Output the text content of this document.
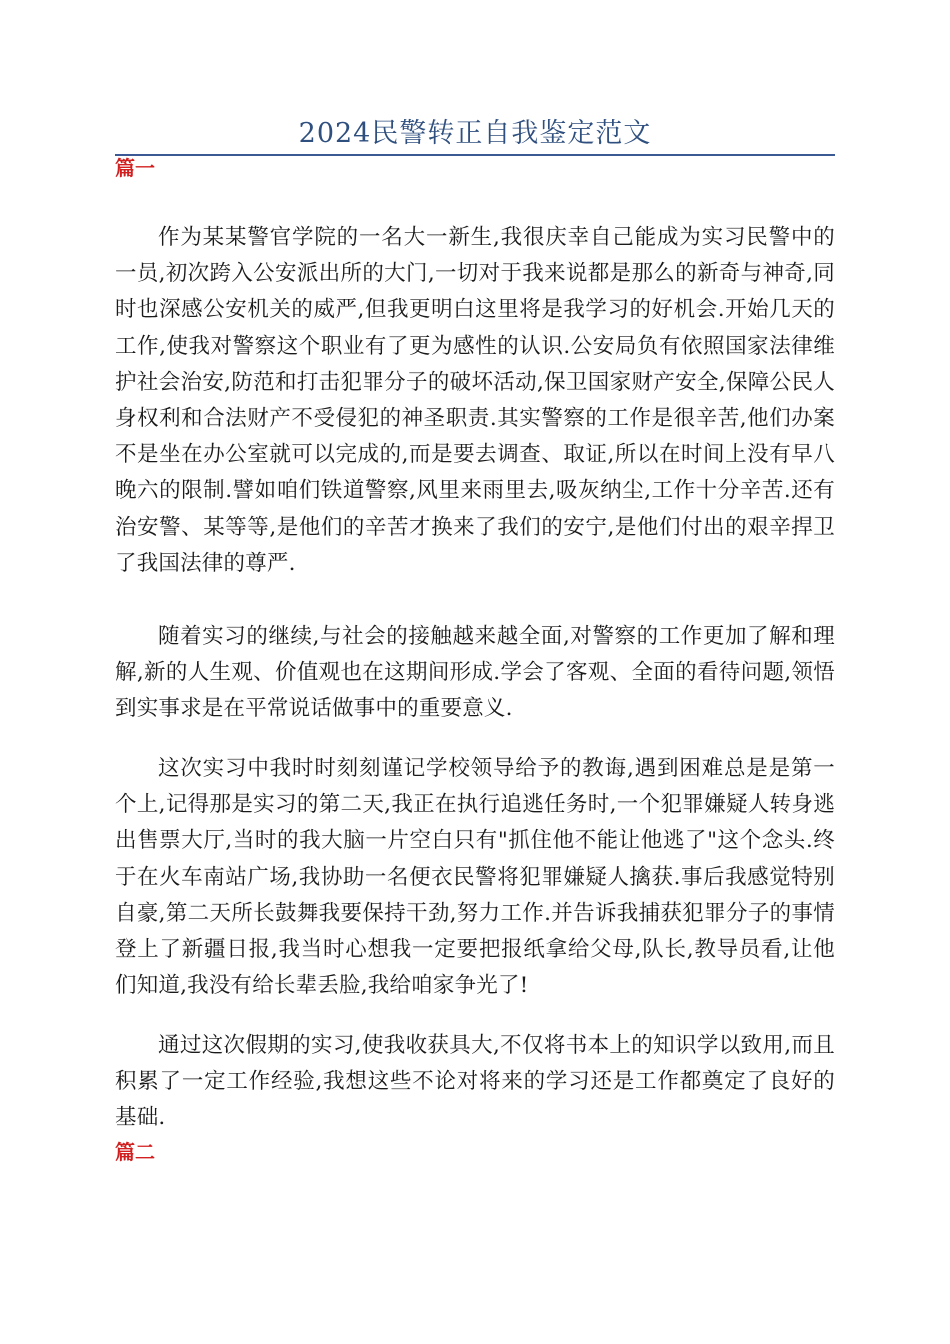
2024民警转正自我鉴定范文
篇一

作为某某警官学院的一名大一新生,我很庆幸自己能成为实习民警中的一员,初次跨入公安派出所的大门,一切对于我来说都是那么的新奇与神奇,同时也深感公安机关的威严,但我更明白这里将是我学习的好机会.开始几天的工作,使我对警察这个职业有了更为感性的认识.公安局负有依照国家法律维护社会治安,防范和打击犯罪分子的破坏活动,保卫国家财产安全,保障公民人身权利和合法财产不受侵犯的神圣职责.其实警察的工作是很辛苦,他们办案不是坐在办公室就可以完成的,而是要去调查、取证,所以在时间上没有早八晚六的限制.譬如咱们铁道警察,风里来雨里去,吸灰纳尘,工作十分辛苦.还有治安警、某等等,是他们的辛苦才换来了我们的安宁,是他们付出的艰辛捍卫了我国法律的尊严.

随着实习的继续,与社会的接触越来越全面,对警察的工作更加了解和理解,新的人生观、价值观也在这期间形成.学会了客观、全面的看待问题,领悟到实事求是在平常说话做事中的重要意义.

这次实习中我时时刻刻谨记学校领导给予的教诲,遇到困难总是是第一个上,记得那是实习的第二天,我正在执行追逃任务时,一个犯罪嫌疑人转身逃出售票大厅,当时的我大脑一片空白只有"抓住他不能让他逃了"这个念头.终于在火车南站广场,我协助一名便衣民警将犯罪嫌疑人擒获.事后我感觉特别自豪,第二天所长鼓舞我要保持干劲,努力工作.并告诉我捕获犯罪分子的事情登上了新疆日报,我当时心想我一定要把报纸拿给父母,队长,教导员看,让他们知道,我没有给长辈丢脸,我给咱家争光了!

通过这次假期的实习,使我收获具大,不仅将书本上的知识学以致用,而且积累了一定工作经验,我想这些不论对将来的学习还是工作都奠定了良好的基础.

篇二
